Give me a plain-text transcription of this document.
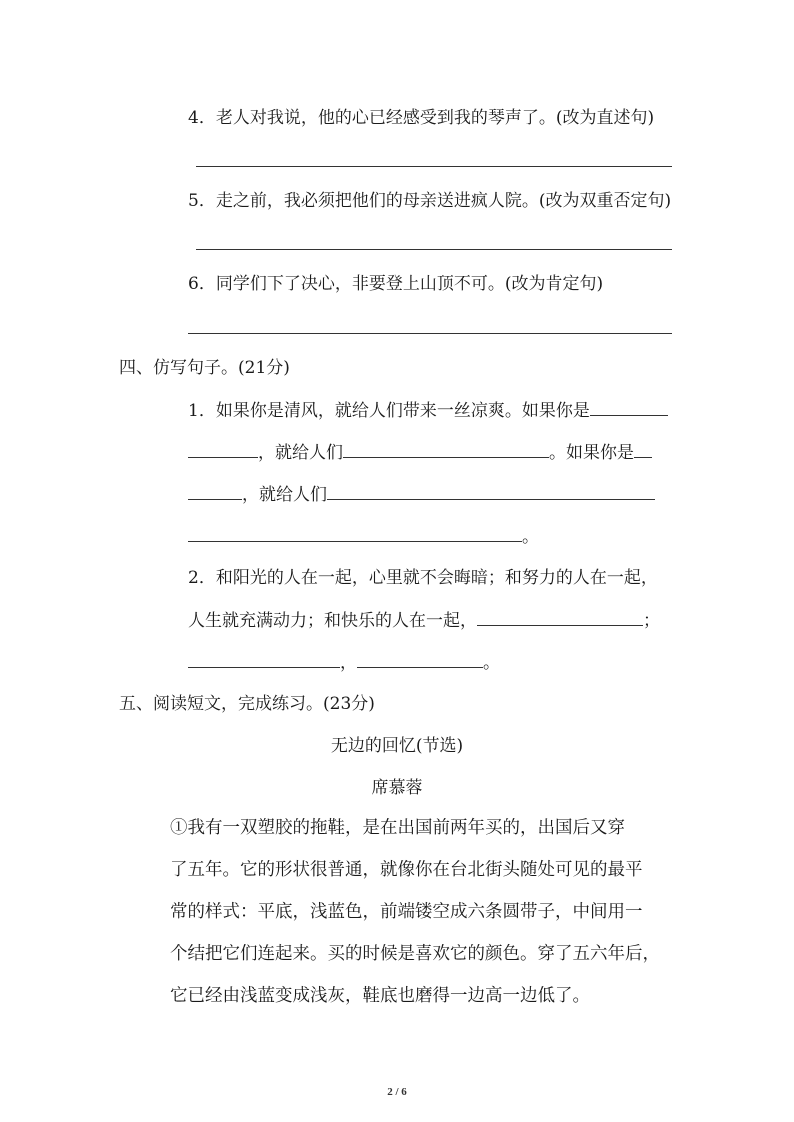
4．老人对我说，他的心已经感受到我的琴声了。(改为直述句)
5．走之前，我必须把他们的母亲送进疯人院。(改为双重否定句)
6．同学们下了决心，非要登上山顶不可。(改为肯定句)
四、仿写句子。(21分)
1．如果你是清风，就给人们带来一丝凉爽。如果你是
，就给人们	。如果你是
，就给人们
。
2．和阳光的人在一起，心里就不会晦暗；和努力的人在一起，
人生就充满动力；和快乐的人在一起，	；
，	。
五、阅读短文，完成练习。(23分)
无边的回忆(节选)
席慕蓉
①我有一双塑胶的拖鞋，是在出国前两年买的，出国后又穿
了五年。它的形状很普通，就像你在台北街头随处可见的最平
常的样式：平底，浅蓝色，前端镂空成六条圆带子，中间用一
个结把它们连起来。买的时候是喜欢它的颜色。穿了五六年后，
它已经由浅蓝变成浅灰，鞋底也磨得一边高一边低了。
2 / 6
